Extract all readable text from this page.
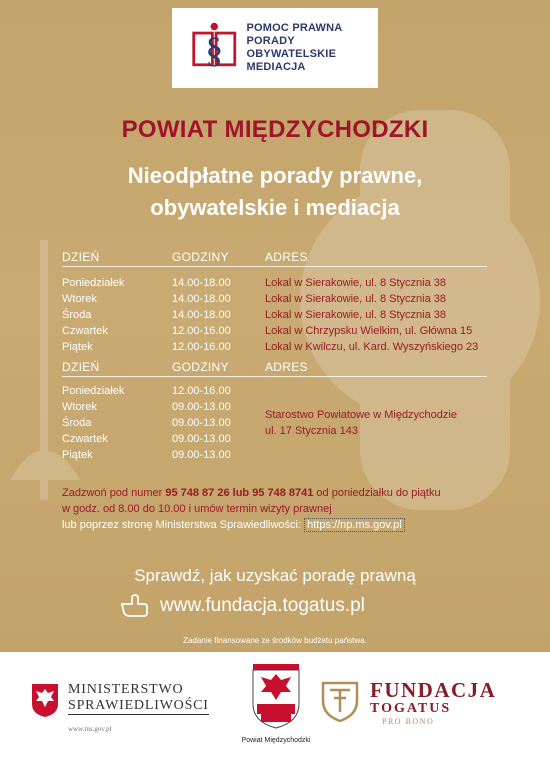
§
POMOC PRAWNA
PORADY OBYWATELSKIE
MEDIACJA
POWIAT MIĘDZYCHODZKI
Nieodpłatne porady prawne,
obywatelskie i mediacja
DZIEŃ	GODZINY	ADRES
Poniedziałek	14.00-18.00	Lokal w Sierakowie, ul. 8 Stycznia 38
Wtorek	14.00-18.00	Lokal w Sierakowie, ul. 8 Stycznia 38
Środa	14.00-18.00	Lokal w Sierakowie, ul. 8 Stycznia 38
Czwartek	12.00-16.00	Lokal w Chrzypsku Wielkim, ul. Główna 15
Piątek	12.00-16.00	Lokal w Kwilczu, ul. Kard. Wyszyńskiego 23
DZIEŃ	GODZINY	ADRES
Poniedziałek	12.00-16.00
Wtorek	09.00-13.00
Środa	09.00-13.00
Czwartek	09.00-13.00
Piątek	09.00-13.00
Starostwo Powiatowe w Międzychodzie
ul. 17 Stycznia 143
Zadzwoń pod numer 95 748 87 26 lub 95 748 8741 od poniedziałku do piątku
w godz. od 8.00 do 10.00 i umów termin wizyty prawnej
lub poprzez stronę Ministerstwa Sprawiedliwości: https://np.ms.gov.pl
Sprawdź, jak uzyskać poradę prawną
www.fundacja.togatus.pl
Zadanie finansowane ze środków budżetu państwa.
MINISTERSTWO
SPRAWIEDLIWOŚCI
www.ms.gov.pl
Powiat Międzychodzki
FUNDACJA
TOGATUS
PRO BONO
